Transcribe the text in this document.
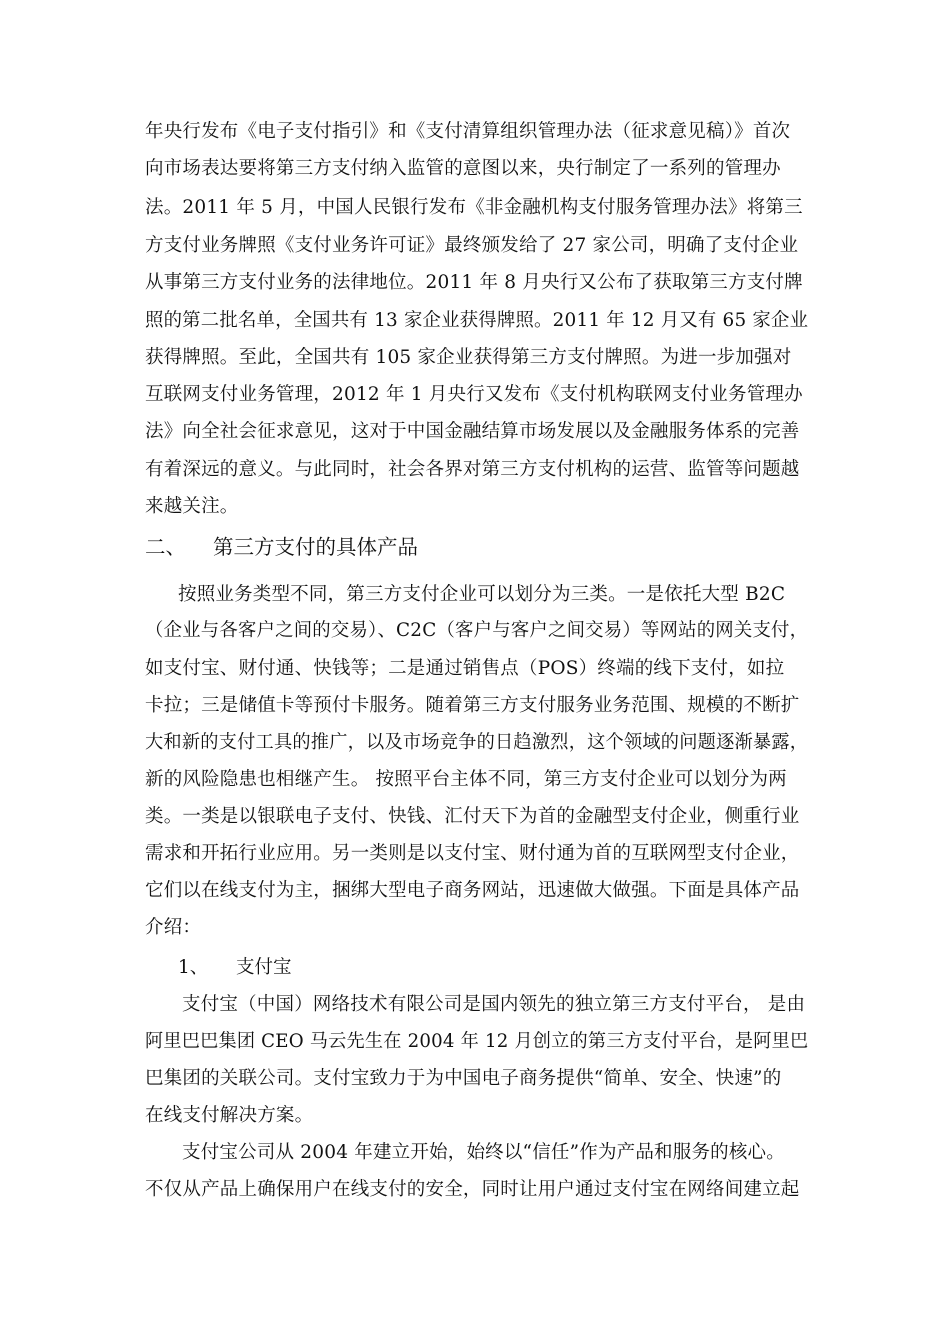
年央行发布《电子支付指引》和《支付清算组织管理办法（征求意见稿）》首次
向市场表达要将第三方支付纳入监管的意图以来，央行制定了一系列的管理办
法。2011 年 5 月，中国人民银行发布《非金融机构支付服务管理办法》将第三
方支付业务牌照《支付业务许可证》最终颁发给了 27 家公司，明确了支付企业
从事第三方支付业务的法律地位。2011 年 8 月央行又公布了获取第三方支付牌
照的第二批名单，全国共有 13 家企业获得牌照。2011 年 12 月又有 65 家企业
获得牌照。至此，全国共有 105 家企业获得第三方支付牌照。为进一步加强对
互联网支付业务管理，2012 年 1 月央行又发布《支付机构联网支付业务管理办
法》向全社会征求意见，这对于中国金融结算市场发展以及金融服务体系的完善
有着深远的意义。与此同时，社会各界对第三方支付机构的运营、监管等问题越
来越关注。
二、 第三方支付的具体产品
按照业务类型不同，第三方支付企业可以划分为三类。一是依托大型 B2C
（企业与各客户之间的交易）、C2C（客户与客户之间交易）等网站的网关支付，
如支付宝、财付通、快钱等；二是通过销售点（POS）终端的线下支付，如拉
卡拉；三是储值卡等预付卡服务。随着第三方支付服务业务范围、规模的不断扩
大和新的支付工具的推广，以及市场竞争的日趋激烈，这个领域的问题逐渐暴露，
新的风险隐患也相继产生。 按照平台主体不同，第三方支付企业可以划分为两
类。一类是以银联电子支付、快钱、汇付天下为首的金融型支付企业，侧重行业
需求和开拓行业应用。另一类则是以支付宝、财付通为首的互联网型支付企业，
它们以在线支付为主，捆绑大型电子商务网站，迅速做大做强。下面是具体产品
介绍：
1、 支付宝
支付宝（中国）网络技术有限公司是国内领先的独立第三方支付平台， 是由
阿里巴巴集团 CEO 马云先生在 2004 年 12 月创立的第三方支付平台，是阿里巴
巴集团的关联公司。支付宝致力于为中国电子商务提供“简单、安全、快速”的
在线支付解决方案。
支付宝公司从 2004 年建立开始，始终以“信任”作为产品和服务的核心。
不仅从产品上确保用户在线支付的安全，同时让用户通过支付宝在网络间建立起
